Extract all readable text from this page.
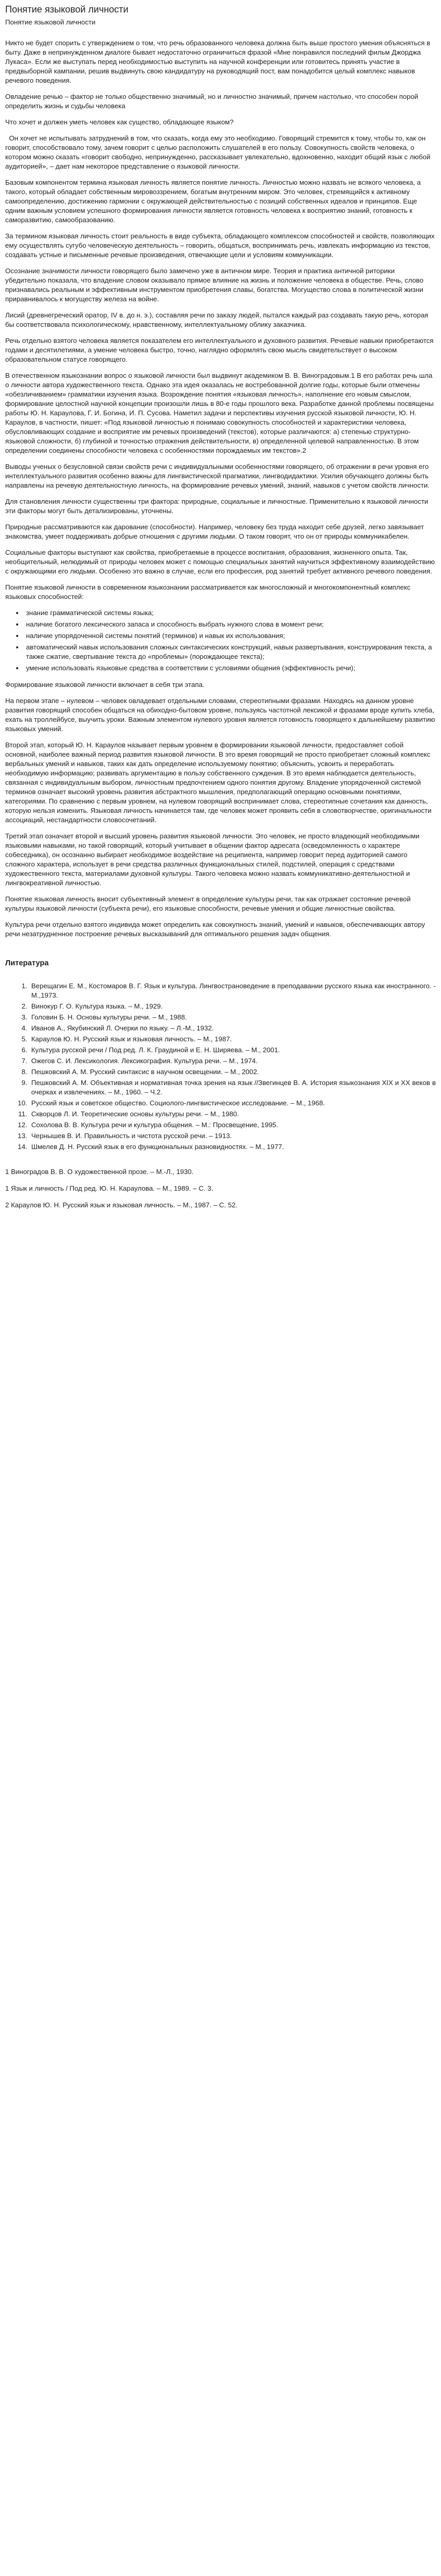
Понятие языковой личности
Понятие языковой личности

Никто не будет спорить с утверждением о том, что речь образованного человека должна быть выше простого умения объясняться в быту. Даже в непринужденном диалоге бывает недостаточно ограничиться фразой «Мне понравился последний фильм Джорджа Лукаса». Если же выступать перед необходимостью выступить на научной конференции или готовитесь принять участие в предвыборной кампании, решив выдвинуть свою кандидатуру на руководящий пост, вам понадобится целый комплекс навыков речевого поведения.

Овладение речью – фактор не только общественно значимый, но и личностно значимый, причем настолько, что способен порой определить жизнь и судьбы человека

Что хочет и должен уметь человек как существо, обладающее языком?

Он хочет не испытывать затруднений в том, что сказать, когда ему это необходимо. Говорящий стремится к тому, чтобы то, как он говорит, способствовало тому, зачем говорит с целью расположить слушателей в его пользу. Совокупность свойств человека, о котором можно сказать «говорит свободно, непринужденно, рассказывает увлекательно, вдохновенно, находит общий язык с любой аудиторией», – дает нам некоторое представление о языковой личности.

Базовым компонентом термина языковая личность является понятие личность. Личностью можно назвать не всякого человека, а такого, который обладает собственным мировоззрением, богатым внутренним миром. Это человек, стремящийся к активному самоопределению, достижению гармонии с окружающей действительностью с позиций собственных идеалов и принципов. Еще одним важным условием успешного формирования личности является готовность человека к восприятию знаний, готовность к саморазвитию, самообразованию.

За термином языковая личность стоит реальность в виде субъекта, обладающего комплексом способностей и свойств, позволяющих ему осуществлять сугубо человеческую деятельность – говорить, общаться, воспринимать речь, извлекать информацию из текстов, создавать устные и письменные речевые произведения, отвечающие цели и условиям коммуникации.

Осознание значимости личности говорящего было замечено уже в античном мире. Теория и практика античной риторики убедительно показала, что владение словом оказывало прямое влияние на жизнь и положение человека в обществе. Речь, слово признавались реальным и эффективным инструментом приобретения славы, богатства. Могущество слова в политической жизни приравнивалось к могуществу железа на войне.

Лисий (древнегреческий оратор, IV в. до н. э.), составляя речи по заказу людей, пытался каждый раз создавать такую речь, которая бы соответствовала психологическому, нравственному, интеллектуальному облику заказчика.

Речь отдельно взятого человека является показателем его интеллектуального и духовного развития. Речевые навыки приобретаются годами и десятилетиями, а умение человека быстро, точно, наглядно оформлять свою мысль свидетельствует о высоком образовательном статусе говорящего.

В отечественном языкознании вопрос о языковой личности был выдвинут академиком В. В. Виноградовым.1 В его работах речь шла о личности автора художественного текста. Однако эта идея оказалась не востребованной долгие годы, которые были отмечены «обезличиванием» грамматики изучения языка. Возрождение понятия «языковая личность», наполнение его новым смыслом, формирование целостной научной концепции произошли лишь в 80-е годы прошлого века. Разработке данной проблемы посвящены работы Ю. Н. Караулова, Г. И. Богина, И. П. Сусова. Наметил задачи и перспективы изучения русской языковой личности, Ю. Н. Караулов, в частности, пишет: «Под языковой личностью я понимаю совокупность способностей и характеристики человека, обусловливающих создание и восприятие им речевых произведений (текстов), которые различаются: а) степенью структурно-языковой сложности, б) глубиной и точностью отражения действительности, в) определенной целевой направленностью. В этом определении соединены способности человека с особенностями порождаемых им текстов».2

Выводы ученых о безусловной связи свойств речи с индивидуальными особенностями говорящего, об отражении в речи уровня его интеллектуального развития особенно важны для лингвистической прагматики, лингводидактики. Усилия обучающего должны быть направлены на речевую деятельностную личность, на формирование речевых умений, знаний, навыков с учетом свойств личности.

Для становления личности существенны три фактора: природные, социальные и личностные. Применительно к языковой личности эти факторы могут быть детализированы, уточнены.

Природные рассматриваются как дарование (способности). Например, человеку без труда находит себе друзей, легко завязывает знакомства, умеет поддерживать добрые отношения с другими людьми. О таком говорят, что он от природы коммуникабелен.

Социальные факторы выступают как свойства, приобретаемые в процессе воспитания, образования, жизненного опыта. Так, необщительный, нелюдимый от природы человек может с помощью специальных занятий научиться эффективному взаимодействию с окружающими его людьми. Особенно это важно в случае, если его профессия, род занятий требует активного речевого поведения.

Понятие языковой личности в современном языкознании рассматривается как многосложный и многокомпонентный комплекс языковых способностей:

• знание грамматической системы языка;
• наличие богатого лексического запаса и способность выбрать нужного слова в момент речи;
• наличие упорядоченной системы понятий (терминов) и навык их использования;
• автоматический навык использования сложных синтаксических конструкций, навык развертывания, конструирования текста, а также сжатие, свертывание текста до «проблемы» (порождающее текста);
• умение использовать языковые средства в соответствии с условиями общения (эффективность речи);

Формирование языковой личности включает в себя три этапа.

На первом этапе – нулевом – человек овладевает отдельными словами, стереотипными фразами. Находясь на данном уровне развития говорящий способен общаться на обиходно-бытовом уровне, пользуясь частотной лексикой и фразами вроде купить хлеба, ехать на троллейбусе, выучить уроки. Важным элементом нулевого уровня является готовность говорящего к дальнейшему развитию языковых умений.

Второй этап, который Ю. Н. Караулов называет первым уровнем в формировании языковой личности, предоставляет собой основной, наиболее важный период развития языковой личности. В это время говорящий не просто приобретает сложный комплекс вербальных умений и навыков, таких как дать определение используемому понятию; объяснить, усвоить и переработать необходимую информацию; развивать аргументацию в пользу собственного суждения. В это время наблюдается деятельность, связанная с индивидуальным выбором, личностным предпочтением одного понятия другому. Владение упорядоченной системой терминов означает высокий уровень развития абстрактного мышления, предполагающий операцию основными понятиями, категориями. По сравнению с первым уровнем, на нулевом говорящий воспринимает слова, стереотипные сочетания как данность, которую нельзя изменить. Языковая личность начинается там, где человек может проявить себя в словотворчестве, оригинальности ассоциаций, нестандартности словосочетаний.

Третий этап означает второй и высший уровень развития языковой личности. Это человек, не просто владеющий необходимыми языковыми навыками, но такой говорящий, который учитывает в общении фактор адресата (осведомленность о характере собеседника), он осознанно выбирает необходимое воздействие на реципиента, например говорит перед аудиторией самого сложного характера, использует в речи средства различных функциональных стилей, подстилей, операция с средствами художественного текста, материалами духовной культуры. Такого человека можно назвать коммуникативно-деятельностной и лингвокреативной личностью.

Понятие языковая личность вносит субъективный элемент в определение культуры речи, так как отражает состояние речевой культуры языковой личности (субъекта речи), его языковые способности, речевые умения и общие личностные свойства.

Культура речи отдельно взятого индивида может определить как совокупность знаний, умений и навыков, обеспечивающих автору речи незатрудненное построение речевых высказываний для оптимального решения задач общения.

Литература
1. Верещагин Е. М., Костомаров В. Г. Язык и культура. Лингвострановедение в преподавании русского языка как иностранного. - М.,1973.
2. Винокур Г. О. Культура языка. – М., 1929.
3. Головин Б. Н. Основы культуры речи. – М., 1988.
4. Иванов А., Якубинский Л. Очерки по языку. – Л.-М., 1932.
5. Караулов Ю. Н. Русский язык и языковая личность. – М., 1987.
6. Культура русской речи / Под ред. Л. К. Граудиной и Е. Н. Ширяева. – М., 2001.
7. Ожегов С. И. Лексикология. Лексикография. Культура речи. – М., 1974.
8. Пешковский А. М. Русский синтаксис в научном освещении. – М., 2002.
9. Пешковский А. М. Объективная и нормативная точка зрения на язык //Звегинцев В. А. История языкознания XIX и XX веков в очерках и извлечениях. – М., 1960. – Ч.2.
10. Русский язык и советское общество. Социолого-лингвистическое исследование. – М., 1968.
11. Скворцов Л. И. Теоретические основы культуры речи. – М., 1980.
12. Сохолова В. В. Культура речи и культура общения. – М.: Просвещение, 1995.
13. Чернышев В. И. Правильность и чистота русской речи. – 1913.
14. Шмелев Д. Н. Русский язык в его функциональных разновидностях. – М., 1977.

1 Виноградов В. В. О художественной прозе. – М.-Л., 1930.

1 Язык и личность / Под ред. Ю. Н. Караулова. – М., 1989. – С. 3.

2 Караулов Ю. Н. Русский язык и языковая личность. – М., 1987. – С. 52.
